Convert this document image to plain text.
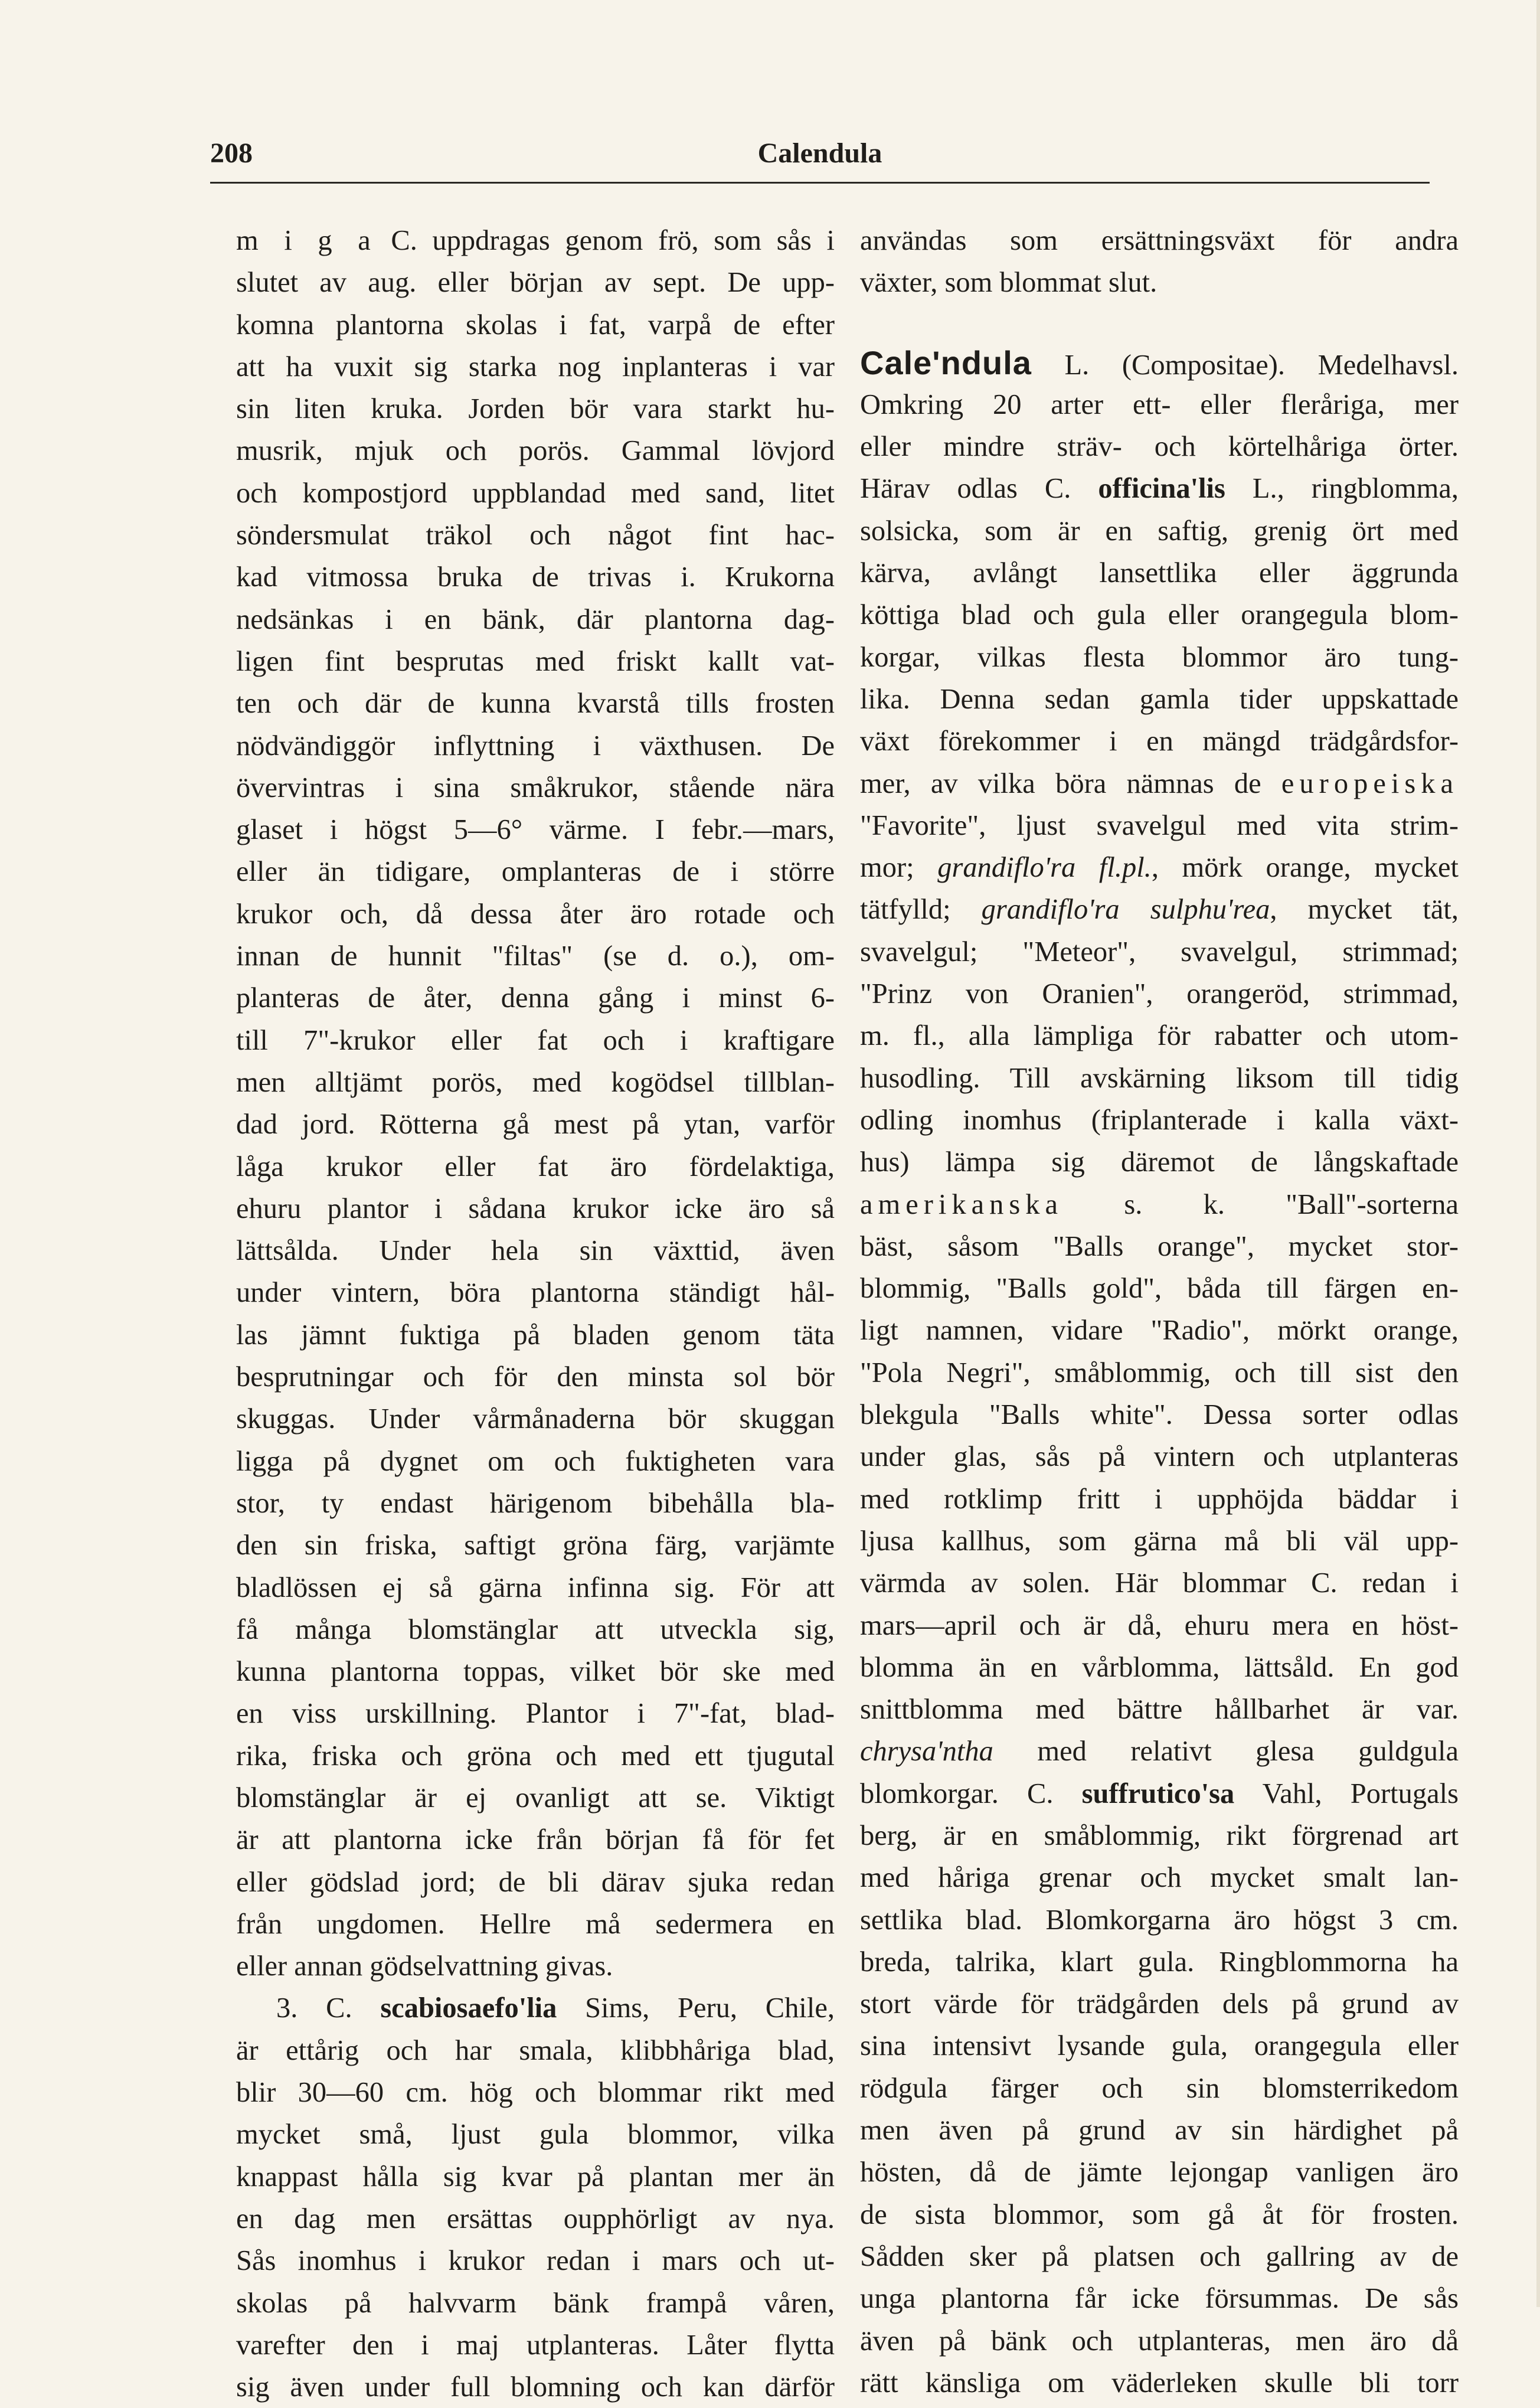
208	Calendula
m i g a C. uppdragas genom frö, som sås i
slutet av aug. eller början av sept. De upp-
komna plantorna skolas i fat, varpå de efter
att ha vuxit sig starka nog inplanteras i var
sin liten kruka. Jorden bör vara starkt hu-
musrik, mjuk och porös. Gammal lövjord
och kompostjord uppblandad med sand, litet
söndersmulat träkol och något fint hac-
kad vitmossa bruka de trivas i. Krukorna
nedsänkas i en bänk, där plantorna dag-
ligen fint besprutas med friskt kallt vat-
ten och där de kunna kvarstå tills frosten
nödvändiggör inflyttning i växthusen. De
övervintras i sina småkrukor, stående nära
glaset i högst 5—6° värme. I febr.—mars,
eller än tidigare, omplanteras de i större
krukor och, då dessa åter äro rotade och
innan de hunnit "filtas" (se d. o.), om-
planteras de åter, denna gång i minst 6-
till 7"-krukor eller fat och i kraftigare
men alltjämt porös, med kogödsel tillblan-
dad jord. Rötterna gå mest på ytan, varför
låga krukor eller fat äro fördelaktiga,
ehuru plantor i sådana krukor icke äro så
lättsålda. Under hela sin växttid, även
under vintern, böra plantorna ständigt hål-
las jämnt fuktiga på bladen genom täta
besprutningar och för den minsta sol bör
skuggas. Under vårmånaderna bör skuggan
ligga på dygnet om och fuktigheten vara
stor, ty endast härigenom bibehålla bla-
den sin friska, saftigt gröna färg, varjämte
bladlössen ej så gärna infinna sig. För att
få många blomstänglar att utveckla sig,
kunna plantorna toppas, vilket bör ske med
en viss urskillning. Plantor i 7"-fat, blad-
rika, friska och gröna och med ett tjugutal
blomstänglar är ej ovanligt att se. Viktigt
är att plantorna icke från början få för fet
eller gödslad jord; de bli därav sjuka redan
från ungdomen. Hellre må sedermera en
eller annan gödselvattning givas.
3. C. scabiosaefo'lia Sims, Peru, Chile,
är ettårig och har smala, klibbhåriga blad,
blir 30—60 cm. hög och blommar rikt med
mycket små, ljust gula blommor, vilka
knappast hålla sig kvar på plantan mer än
en dag men ersättas oupphörligt av nya.
Sås inomhus i krukor redan i mars och ut-
skolas på halvvarm bänk frampå våren,
varefter den i maj utplanteras. Låter flytta
sig även under full blomning och kan därför
användas som ersättningsväxt för andra
växter, som blommat slut.
Cale'ndula L. (Compositae). Medelhavsl.
Omkring 20 arter ett- eller fleråriga, mer
eller mindre sträv- och körtelhåriga örter.
Härav odlas C. officina'lis L., ringblomma,
solsicka, som är en saftig, grenig ört med
kärva, avlångt lansettlika eller äggrunda
köttiga blad och gula eller orangegula blom-
korgar, vilkas flesta blommor äro tung-
lika. Denna sedan gamla tider uppskattade
växt förekommer i en mängd trädgårdsfor-
mer, av vilka böra nämnas de europeiska
"Favorite", ljust svavelgul med vita strim-
mor; grandiflo'ra fl.pl., mörk orange, mycket
tätfylld; grandiflo'ra sulphu'rea, mycket tät,
svavelgul; "Meteor", svavelgul, strimmad;
"Prinz von Oranien", orangeröd, strimmad,
m. fl., alla lämpliga för rabatter och utom-
husodling. Till avskärning liksom till tidig
odling inomhus (friplanterade i kalla växt-
hus) lämpa sig däremot de långskaftade
amerikanska s. k. "Ball"-sorterna
bäst, såsom "Balls orange", mycket stor-
blommig, "Balls gold", båda till färgen en-
ligt namnen, vidare "Radio", mörkt orange,
"Pola Negri", småblommig, och till sist den
blekgula "Balls white". Dessa sorter odlas
under glas, sås på vintern och utplanteras
med rotklimp fritt i upphöjda bäddar i
ljusa kallhus, som gärna må bli väl upp-
värmda av solen. Här blommar C. redan i
mars—april och är då, ehuru mera en höst-
blomma än en vårblomma, lättsåld. En god
snittblomma med bättre hållbarhet är var.
chrysa'ntha med relativt glesa guldgula
blomkorgar. C. suffrutico'sa Vahl, Portugals
berg, är en småblommig, rikt förgrenad art
med håriga grenar och mycket smalt lan-
settlika blad. Blomkorgarna äro högst 3 cm.
breda, talrika, klart gula. Ringblommorna ha
stort värde för trädgården dels på grund av
sina intensivt lysande gula, orangegula eller
rödgula färger och sin blomsterrikedom
men även på grund av sin härdighet på
hösten, då de jämte lejongap vanligen äro
de sista blommor, som gå åt för frosten.
Sådden sker på platsen och gallring av de
unga plantorna får icke försummas. De sås
även på bänk och utplanteras, men äro då
rätt känsliga om väderleken skulle bli torr
